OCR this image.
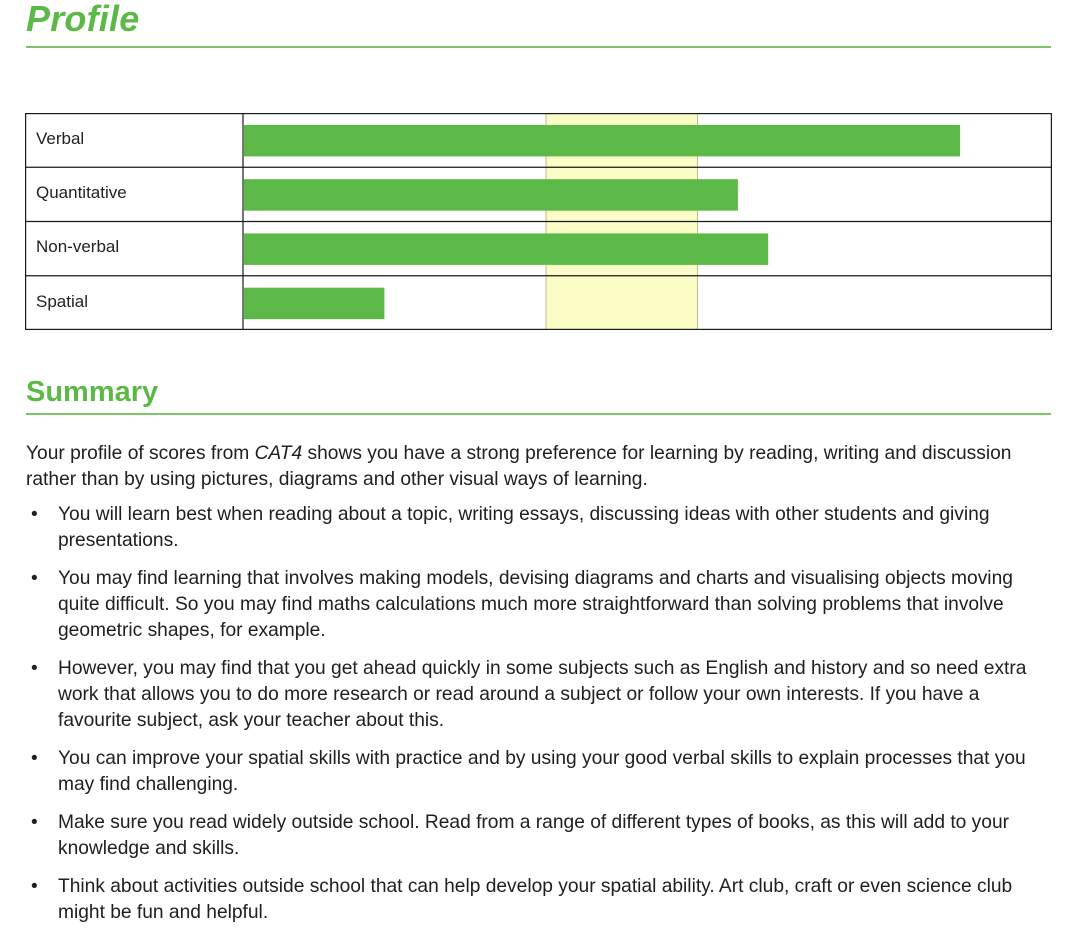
Profile
Verbal
Quantitative
Non-verbal
Spatial
Summary

Your profile of scores from CAT4 shows you have a strong preference for learning by reading, writing and discussion rather than by using pictures, diagrams and other visual ways of learning.

• You will learn best when reading about a topic, writing essays, discussing ideas with other students and giving presentations.
• You may find learning that involves making models, devising diagrams and charts and visualising objects moving quite difficult. So you may find maths calculations much more straightforward than solving problems that involve geometric shapes, for example.
• However, you may find that you get ahead quickly in some subjects such as English and history and so need extra work that allows you to do more research or read around a subject or follow your own interests. If you have a favourite subject, ask your teacher about this.
• You can improve your spatial skills with practice and by using your good verbal skills to explain processes that you may find challenging.
• Make sure you read widely outside school. Read from a range of different types of books, as this will add to your knowledge and skills.
• Think about activities outside school that can help develop your spatial ability. Art club, craft or even science club might be fun and helpful.
